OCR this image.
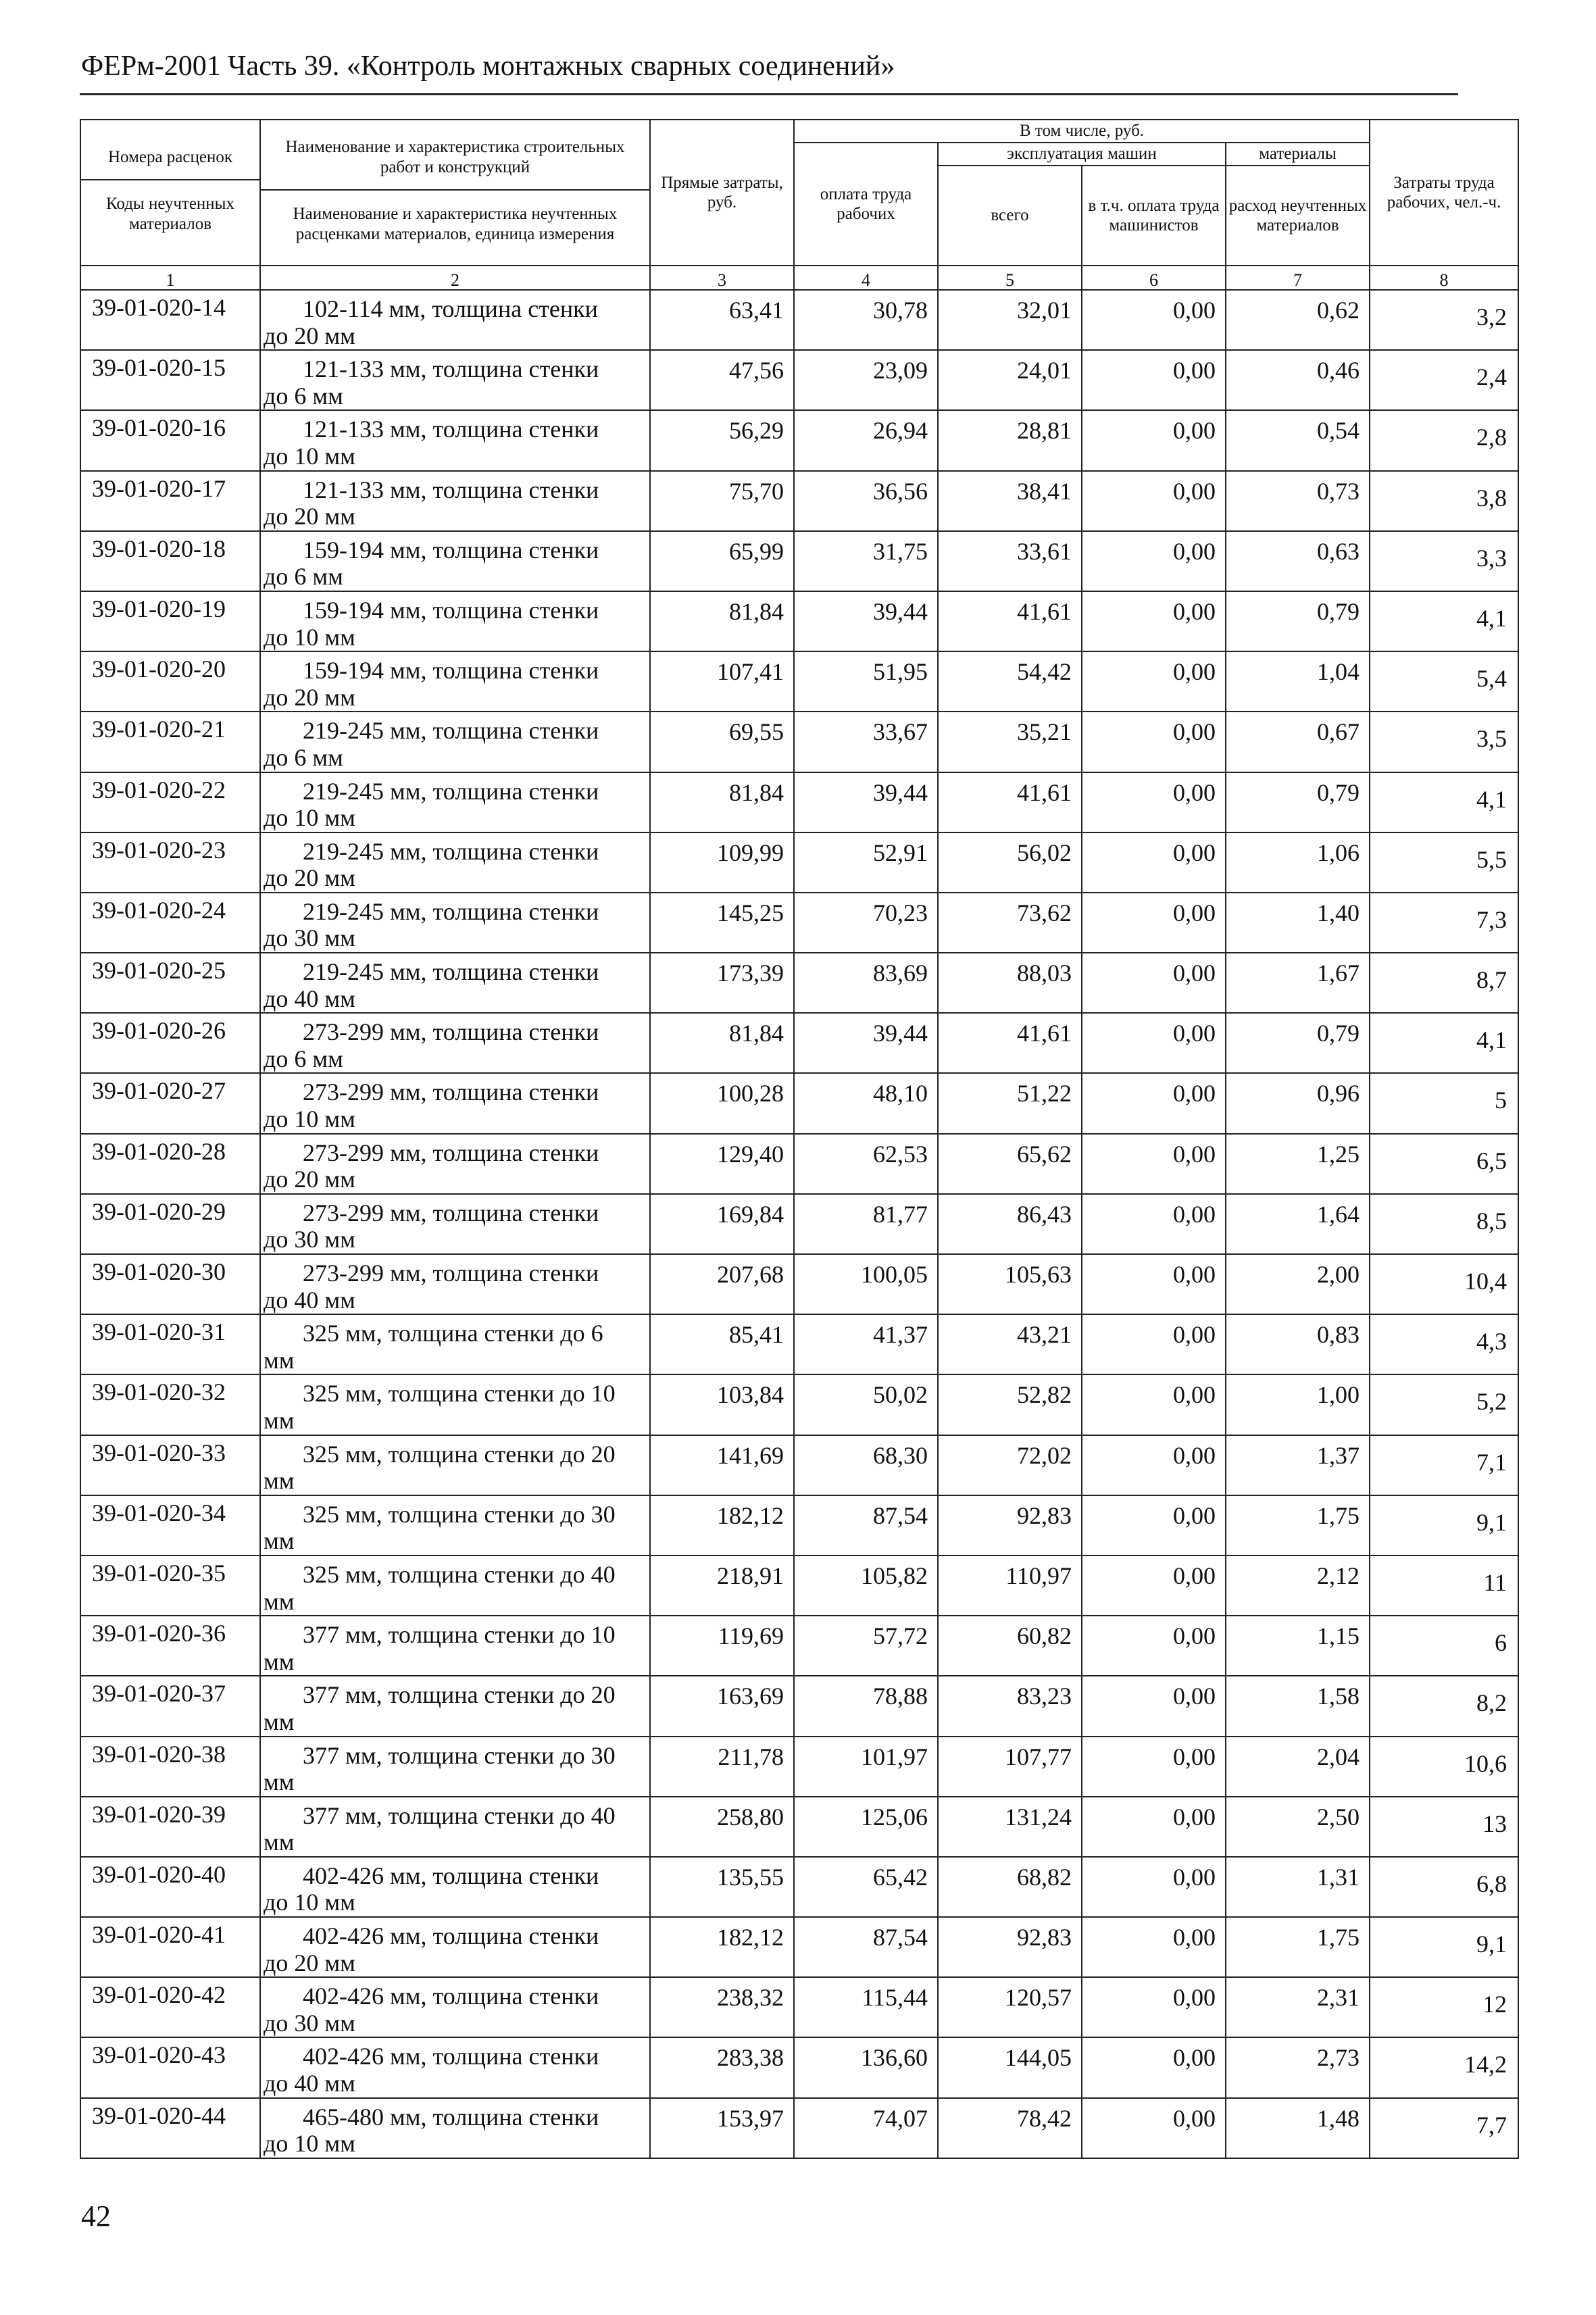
ФЕРм-2001 Часть 39. «Контроль монтажных сварных соединений»
Номера расценок
Коды неучтенных материалов	Наименование и характеристика строительных работ и конструкций
Наименование и характеристика неучтенных расценками материалов, единица измерения	Прямые затраты, руб.	В том числе, руб.				Затраты труда рабочих, чел.-ч.
			оплата труда рабочих	эксплуатация машин		материалы	
				всего	в т.ч. оплата труда машинистов	расход неучтенных материалов	
1	2	3	4	5	6	7	8
39-01-020-14	102-114 мм, толщина стенки
до 20 мм	63,41	30,78	32,01	0,00	0,62	3,2
39-01-020-15	121-133 мм, толщина стенки
до 6 мм	47,56	23,09	24,01	0,00	0,46	2,4
39-01-020-16	121-133 мм, толщина стенки
до 10 мм	56,29	26,94	28,81	0,00	0,54	2,8
39-01-020-17	121-133 мм, толщина стенки
до 20 мм	75,70	36,56	38,41	0,00	0,73	3,8
39-01-020-18	159-194 мм, толщина стенки
до 6 мм	65,99	31,75	33,61	0,00	0,63	3,3
39-01-020-19	159-194 мм, толщина стенки
до 10 мм	81,84	39,44	41,61	0,00	0,79	4,1
39-01-020-20	159-194 мм, толщина стенки
до 20 мм	107,41	51,95	54,42	0,00	1,04	5,4
39-01-020-21	219-245 мм, толщина стенки
до 6 мм	69,55	33,67	35,21	0,00	0,67	3,5
39-01-020-22	219-245 мм, толщина стенки
до 10 мм	81,84	39,44	41,61	0,00	0,79	4,1
39-01-020-23	219-245 мм, толщина стенки
до 20 мм	109,99	52,91	56,02	0,00	1,06	5,5
39-01-020-24	219-245 мм, толщина стенки
до 30 мм	145,25	70,23	73,62	0,00	1,40	7,3
39-01-020-25	219-245 мм, толщина стенки
до 40 мм	173,39	83,69	88,03	0,00	1,67	8,7
39-01-020-26	273-299 мм, толщина стенки
до 6 мм	81,84	39,44	41,61	0,00	0,79	4,1
39-01-020-27	273-299 мм, толщина стенки
до 10 мм	100,28	48,10	51,22	0,00	0,96	5
39-01-020-28	273-299 мм, толщина стенки
до 20 мм	129,40	62,53	65,62	0,00	1,25	6,5
39-01-020-29	273-299 мм, толщина стенки
до 30 мм	169,84	81,77	86,43	0,00	1,64	8,5
39-01-020-30	273-299 мм, толщина стенки
до 40 мм	207,68	100,05	105,63	0,00	2,00	10,4
39-01-020-31	325 мм, толщина стенки до 6
мм	85,41	41,37	43,21	0,00	0,83	4,3
39-01-020-32	325 мм, толщина стенки до 10
мм	103,84	50,02	52,82	0,00	1,00	5,2
39-01-020-33	325 мм, толщина стенки до 20
мм	141,69	68,30	72,02	0,00	1,37	7,1
39-01-020-34	325 мм, толщина стенки до 30
мм	182,12	87,54	92,83	0,00	1,75	9,1
39-01-020-35	325 мм, толщина стенки до 40
мм	218,91	105,82	110,97	0,00	2,12	11
39-01-020-36	377 мм, толщина стенки до 10
мм	119,69	57,72	60,82	0,00	1,15	6
39-01-020-37	377 мм, толщина стенки до 20
мм	163,69	78,88	83,23	0,00	1,58	8,2
39-01-020-38	377 мм, толщина стенки до 30
мм	211,78	101,97	107,77	0,00	2,04	10,6
39-01-020-39	377 мм, толщина стенки до 40
мм	258,80	125,06	131,24	0,00	2,50	13
39-01-020-40	402-426 мм, толщина стенки
до 10 мм	135,55	65,42	68,82	0,00	1,31	6,8
39-01-020-41	402-426 мм, толщина стенки
до 20 мм	182,12	87,54	92,83	0,00	1,75	9,1
39-01-020-42	402-426 мм, толщина стенки
до 30 мм	238,32	115,44	120,57	0,00	2,31	12
39-01-020-43	402-426 мм, толщина стенки
до 40 мм	283,38	136,60	144,05	0,00	2,73	14,2
39-01-020-44	465-480 мм, толщина стенки
до 10 мм	153,97	74,07	78,42	0,00	1,48	7,7
42
